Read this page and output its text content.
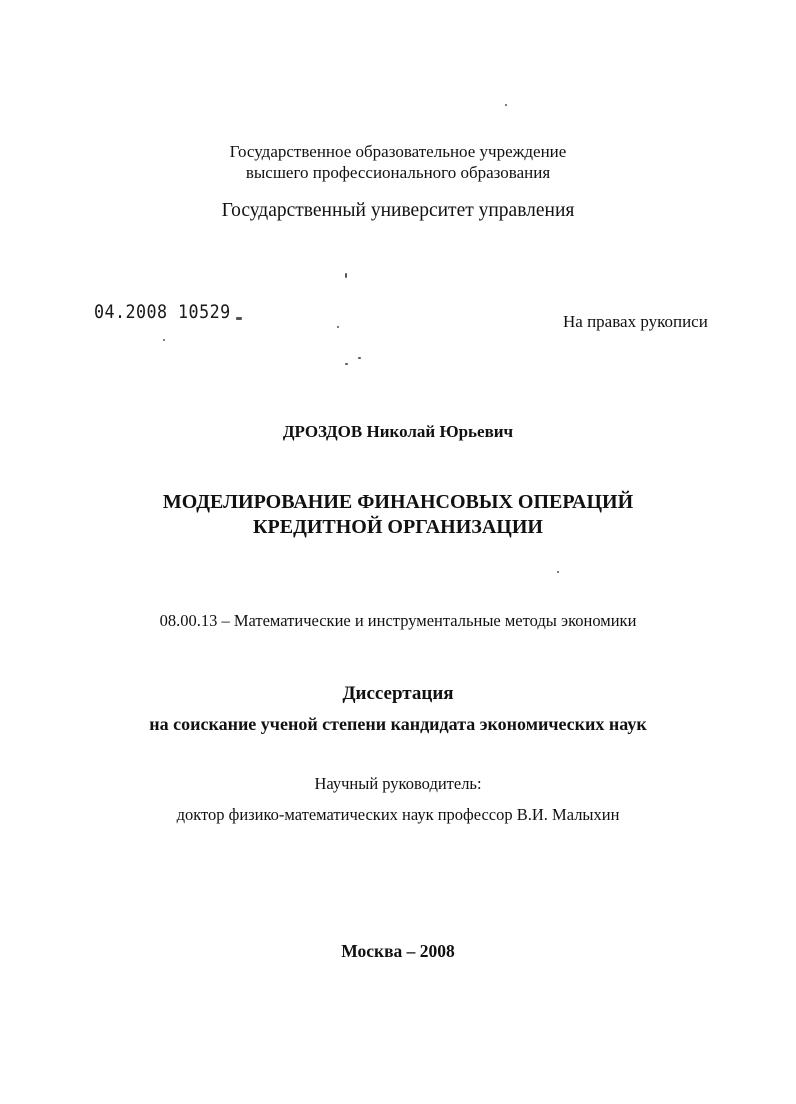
Государственное образовательное учреждение
высшего профессионального образования
Государственный университет управления
04.2008 10529	На правах рукописи
ДРОЗДОВ Николай Юрьевич
МОДЕЛИРОВАНИЕ ФИНАНСОВЫХ ОПЕРАЦИЙ
КРЕДИТНОЙ ОРГАНИЗАЦИИ
08.00.13 – Математические и инструментальные методы экономики
Диссертация
на соискание ученой степени кандидата экономических наук
Научный руководитель:
доктор физико-математических наук профессор В.И. Малыхин
Москва – 2008
